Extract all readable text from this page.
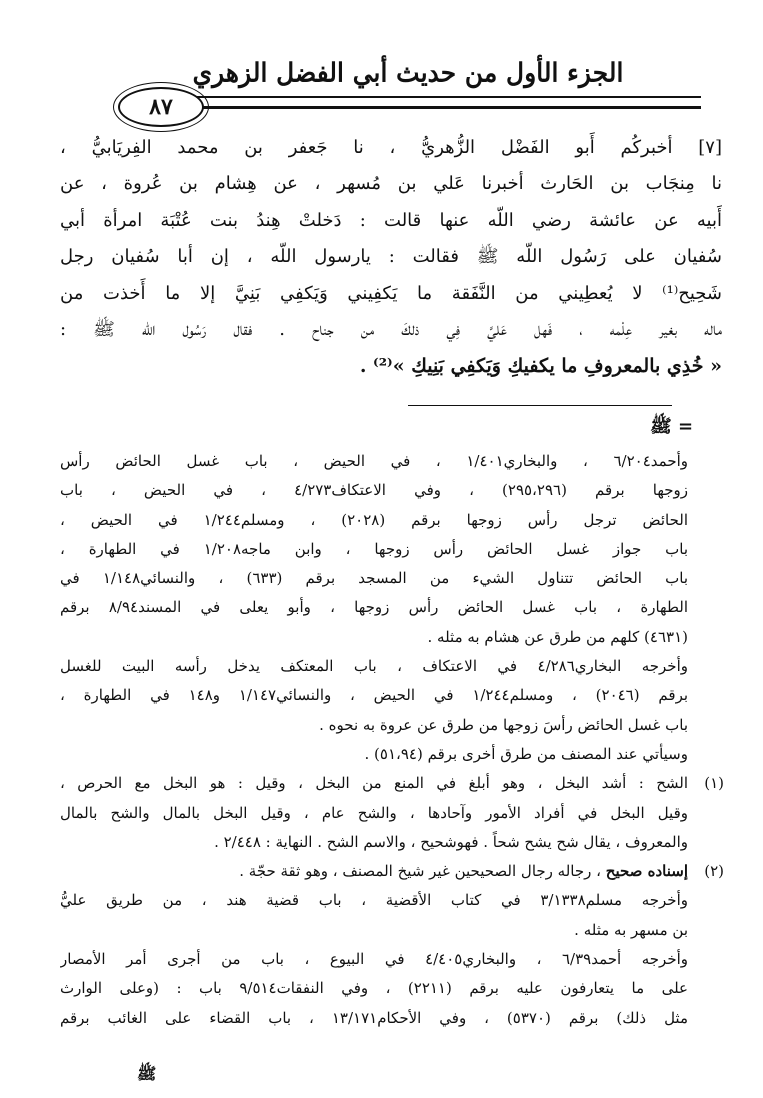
الجزء الأول من حديث أبي الفضل الزهري
٨٧
[٧] أخبركُم أَبو الفَضْل الزُّهريُّ ، نا جَعفر بن محمد الفِريَابيُّ ،
نا مِنجَاب بن الحَارث أخبرنا عَلي بن مُسهر ، عن هِشام بن عُروة ، عن
أَبيه عن عائشة رضي اللّه عنها قالت : دَخلتْ هِندُ بنت عُتْبَة امرأة أبي
سُفيان على رَسُول اللّه ﷺ فقالت : يارسول اللّه ، إن أبا سُفيان رجل
شَحِيح⁽¹⁾ لا يُعطِيني من النَّفَقة ما يَكفِيني وَيَكفِي بَنِيَّ إلا ما أَخذت من
ماله بغير عِلْمه ، فَهل عَليَّ فِي ذلكَ من جناح . فقال رَسُول اللّه ﷺ :
« خُذِي بالمعروفِ ما يكفيكِ وَيَكفِي بَنِيكِ »⁽²⁾ .
= ﷺ
وأحمد٦/٢٠٤ ، والبخاري١/٤٠١ ، في الحيض ، باب غسل الحائض رأس
زوجها برقم (٢٩٥،٢٩٦) ، وفي الاعتكاف٤/٢٧٣ ، في الحيض ، باب
الحائض ترجل رأس زوجها برقم (٢٠٢٨) ، ومسلم١/٢٤٤ في الحيض ،
باب جواز غسل الحائض رأس زوجها ، وابن ماجه١/٢٠٨ في الطهارة ،
باب الحائض تتناول الشيء من المسجد برقم (٦٣٣) ، والنسائي١/١٤٨ في
الطهارة ، باب غسل الحائض رأس زوجها ، وأبو يعلى في المسند٨/٩٤ برقم
(٤٦٣١) كلهم من طرق عن هشام به مثله .
وأخرجه البخاري٤/٢٨٦ في الاعتكاف ، باب المعتكف يدخل رأسه البيت للغسل
برقم (٢٠٤٦) ، ومسلم١/٢٤٤ في الحيض ، والنسائي١/١٤٧ و١٤٨ في الطهارة ،
باب غسل الحائض رأسَ زوجها من طرق عن عروة به نحوه .
وسيأتي عند المصنف من طرق أخرى برقم (٥١،٩٤) .
(١)الشح : أشد البخل ، وهو أبلغ في المنع من البخل ، وقيل : هو البخل مع الحرص ،
وقيل البخل في أفراد الأمور وآحادها ، والشح عام ، وقيل البخل بالمال والشح بالمال
والمعروف ، يقال شح يشح شحاً . فهوشحيح ، والاسم الشح . النهاية : ٢/٤٤٨ .
(٢)إسناده صحيح ، رجاله رجال الصحيحين غير شيخ المصنف ، وهو ثقة حجّة .
وأخرجه مسلم٣/١٣٣٨ في كتاب الأقضية ، باب قضية هند ، من طريق عليُّ
بن مسهر به مثله .
وأخرجه أحمد٦/٣٩ ، والبخاري٤/٤٠٥ في البيوع ، باب من أجرى أمر الأمصار
على ما يتعارفون عليه برقم (٢٢١١) ، وفي النفقات٩/٥١٤ باب : (وعلى الوارث
مثل ذلك) برقم (٥٣٧٠) ، وفي الأحكام١٣/١٧١ ، باب القضاء على الغائب برقم
ﷺ
